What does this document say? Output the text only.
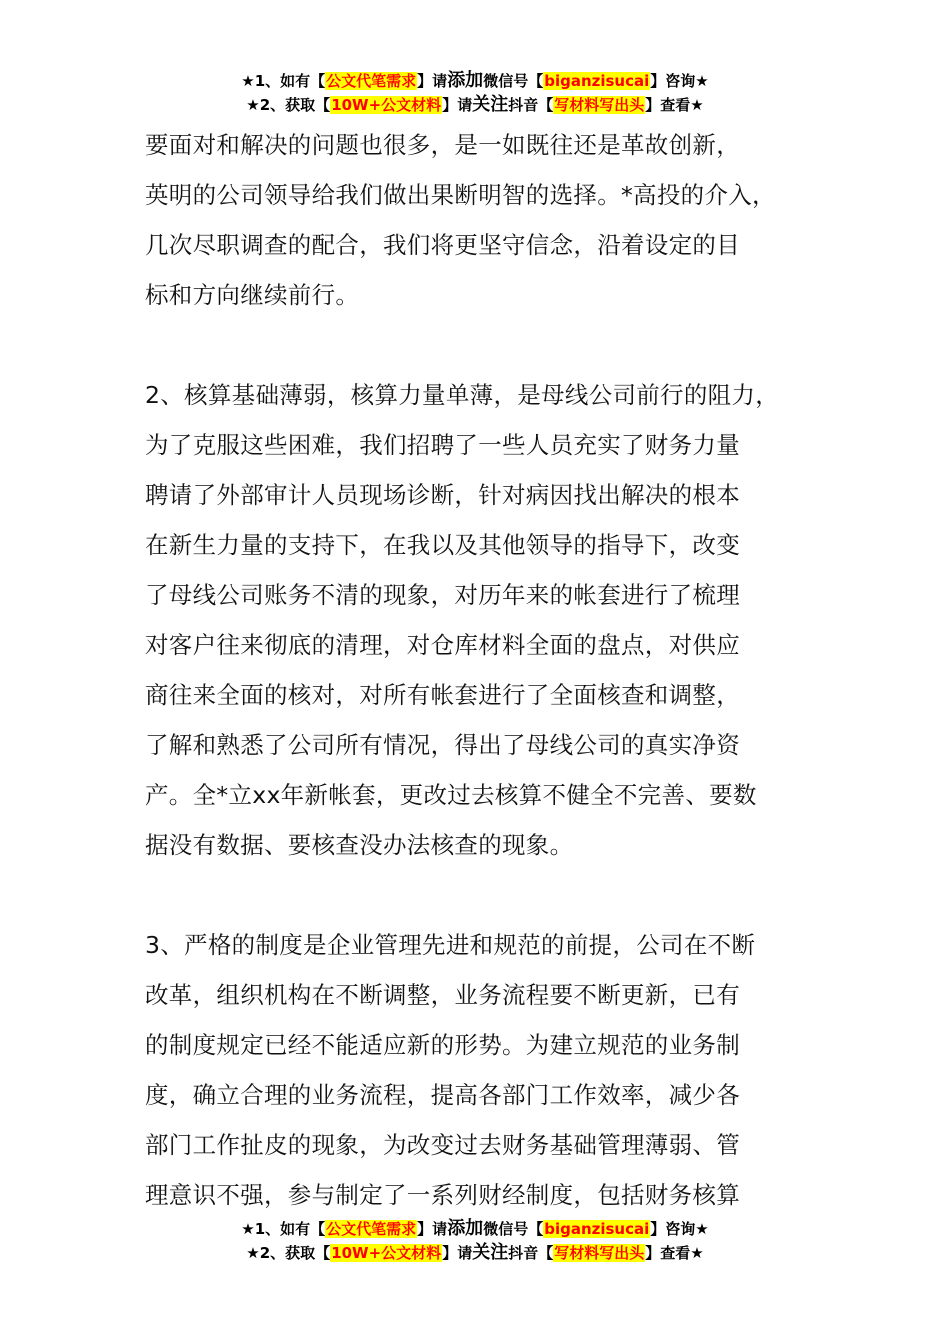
★1、如有【公文代笔需求】请添加微信号【biganzisucai】咨询★
★2、获取【10W+公文材料】请关注抖音【写材料写出头】查看★
要面对和解决的问题也很多，是一如既往还是革故创新，
英明的公司领导给我们做出果断明智的选择。*高投的介入，
几次尽职调查的配合，我们将更坚守信念，沿着设定的目
标和方向继续前行。
2、核算基础薄弱，核算力量单薄，是母线公司前行的阻力，
为了克服这些困难，我们招聘了一些人员充实了财务力量
聘请了外部审计人员现场诊断，针对病因找出解决的根本
在新生力量的支持下，在我以及其他领导的指导下，改变
了母线公司账务不清的现象，对历年来的帐套进行了梳理
对客户往来彻底的清理，对仓库材料全面的盘点，对供应
商往来全面的核对，对所有帐套进行了全面核查和调整，
了解和熟悉了公司所有情况，得出了母线公司的真实净资
产。全*立xx年新帐套，更改过去核算不健全不完善、要数
据没有数据、要核查没办法核查的现象。
3、严格的制度是企业管理先进和规范的前提，公司在不断
改革，组织机构在不断调整，业务流程要不断更新，已有
的制度规定已经不能适应新的形势。为建立规范的业务制
度，确立合理的业务流程，提高各部门工作效率，减少各
部门工作扯皮的现象，为改变过去财务基础管理薄弱、管
理意识不强，参与制定了一系列财经制度，包括财务核算
★1、如有【公文代笔需求】请添加微信号【biganzisucai】咨询★
★2、获取【10W+公文材料】请关注抖音【写材料写出头】查看★
